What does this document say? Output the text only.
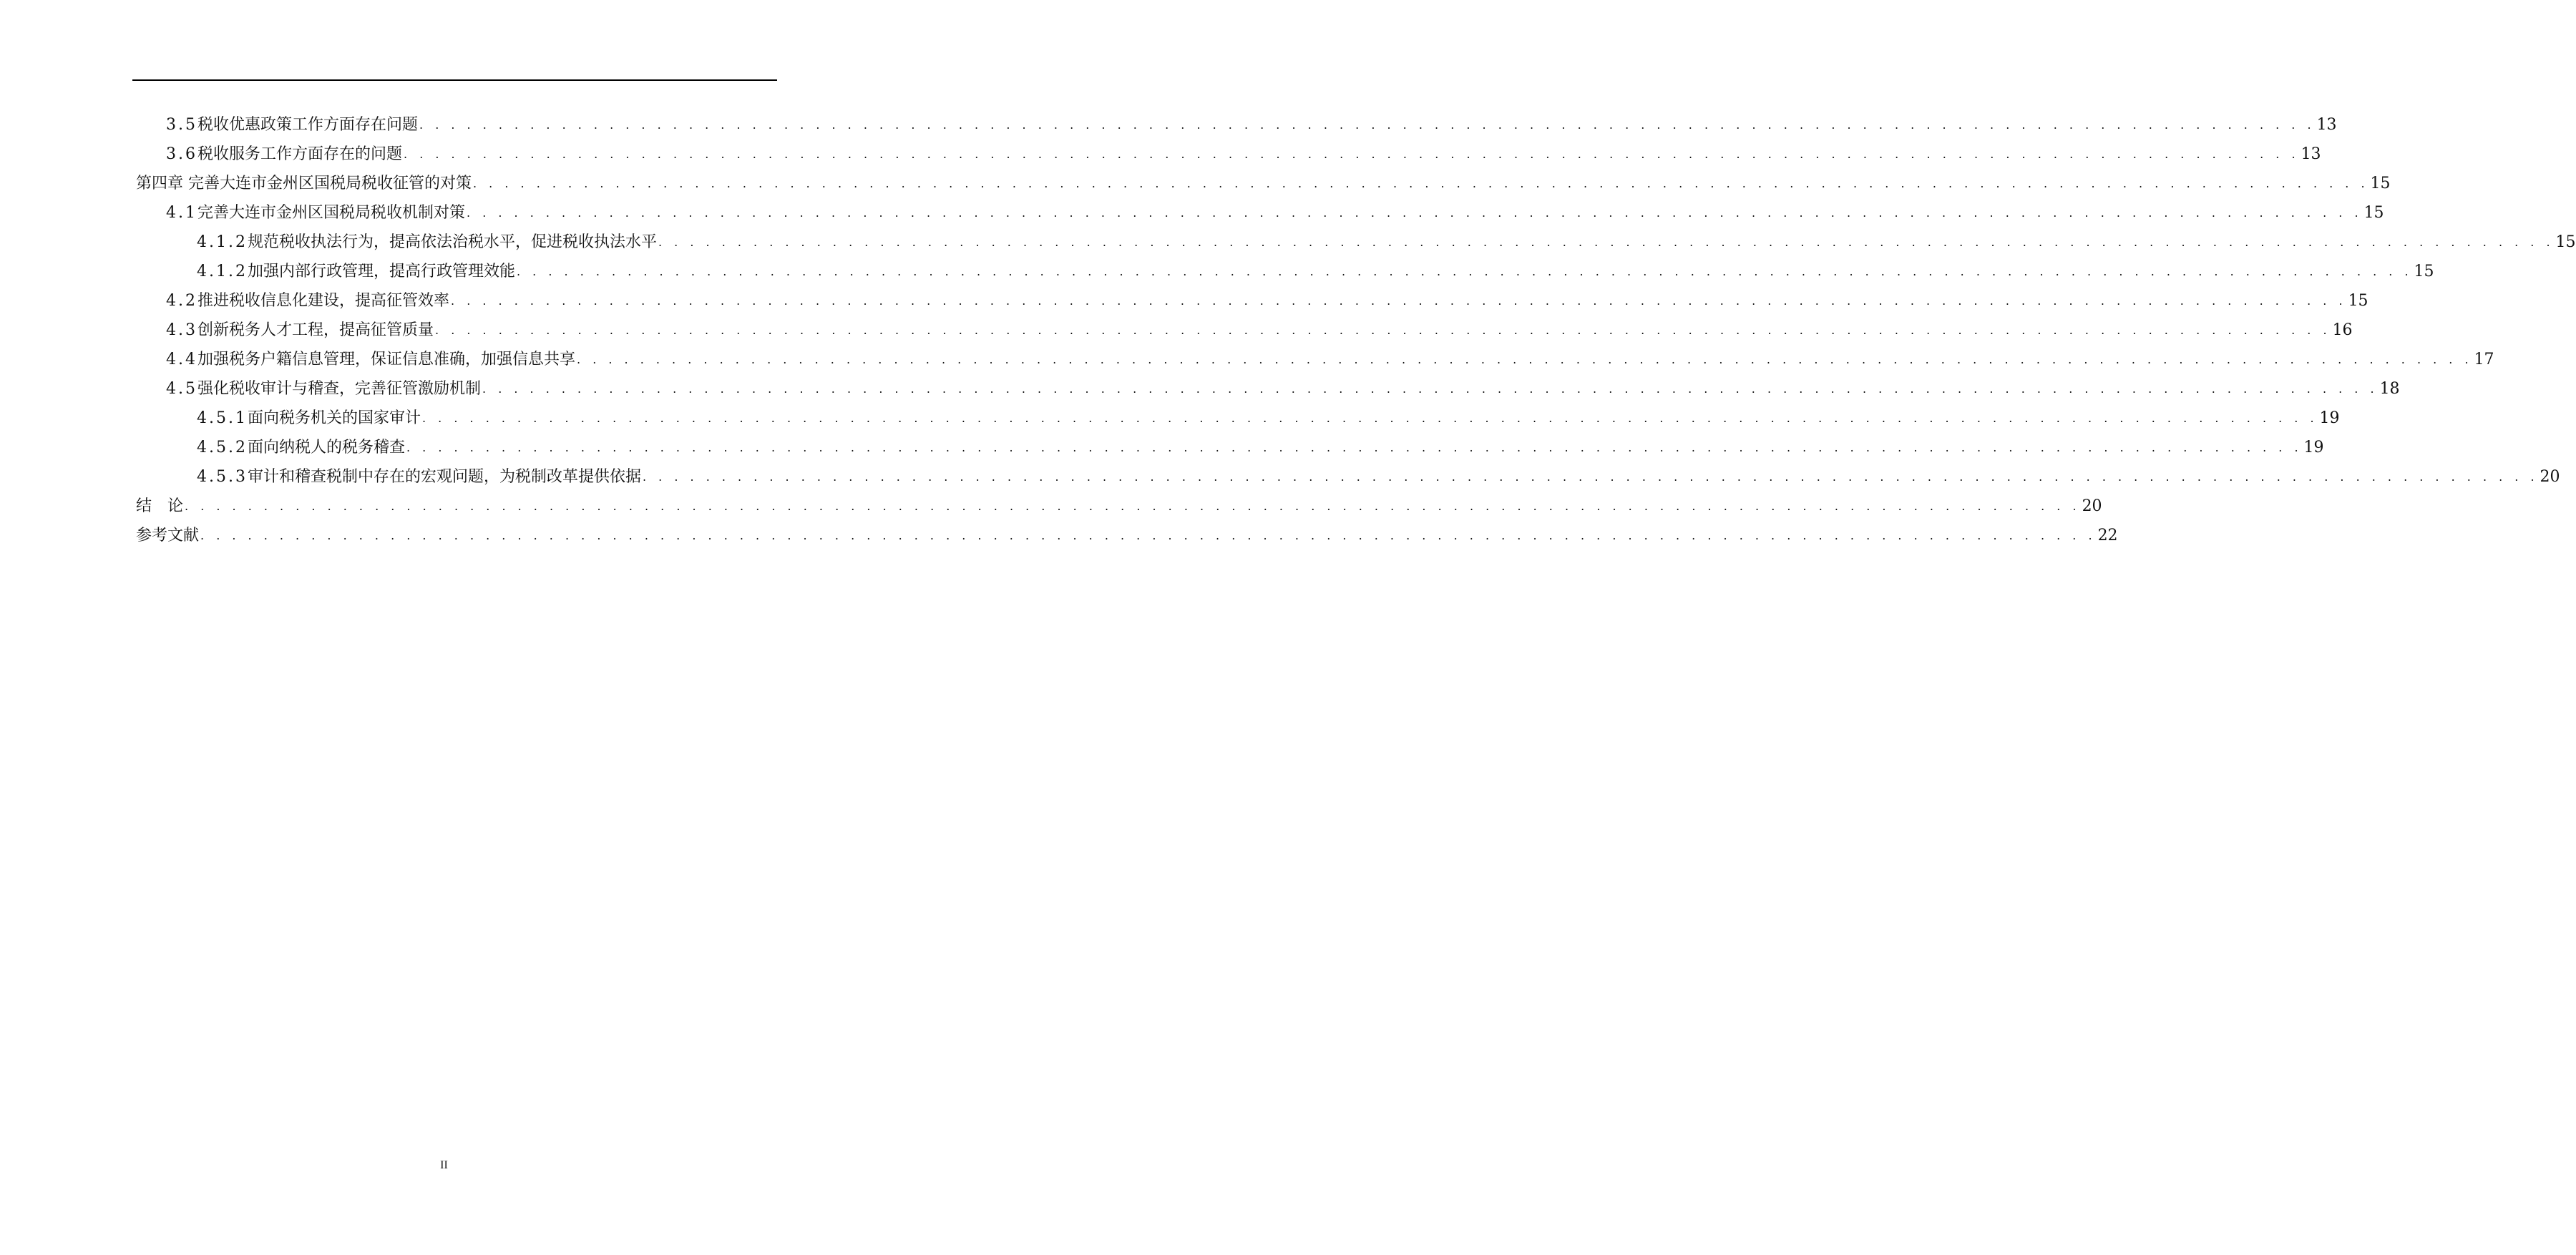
3.5 税收优惠政策工作方面存在问题 . . . . . . . . . . . . . . . . . . . . . . . . . . . . . . . . . . . . . . . . . . . . . . . . . . . . . . . . . . . . . . . . . . . . . . . . . . . . . . . . . . . . . . . . . . . . . . . . . . . . . . . . . . . . . . . . . . . . . . . . 13
3.6 税收服务工作方面存在的问题 . . . . . . . . . . . . . . . . . . . . . . . . . . . . . . . . . . . . . . . . . . . . . . . . . . . . . . . . . . . . . . . . . . . . . . . . . . . . . . . . . . . . . . . . . . . . . . . . . . . . . . . . . . . . . . . . . . . . . . . . 13
第四章 完善大连市金州区国税局税收征管的对策 . . . . . . . . . . . . . . . . . . . . . . . . . . . . . . . . . . . . . . . . . . . . . . . . . . . . . . . . . . . . . . . . . . . . . . . . . . . . . . . . . . . . . . . . . . . . . . . . . . . . . . . . . . . . . . . . . . . . . . . . 15
4.1 完善大连市金州区国税局税收机制对策 . . . . . . . . . . . . . . . . . . . . . . . . . . . . . . . . . . . . . . . . . . . . . . . . . . . . . . . . . . . . . . . . . . . . . . . . . . . . . . . . . . . . . . . . . . . . . . . . . . . . . . . . . . . . . . . . . . . . . . . . 15
4.1.2 规范税收执法行为，提高依法治税水平，促进税收执法水平 . . . . . . . . . . . . . . . . . . . . . . . . . . . . . . . . . . . . . . . . . . . . . . . . . . . . . . . . . . . . . . . . . . . . . . . . . . . . . . . . . . . . . . . . . . . . . . . . . . . . . . . . . . . . . . . . . . . . . . . . 15
4.1.2 加强内部行政管理，提高行政管理效能 . . . . . . . . . . . . . . . . . . . . . . . . . . . . . . . . . . . . . . . . . . . . . . . . . . . . . . . . . . . . . . . . . . . . . . . . . . . . . . . . . . . . . . . . . . . . . . . . . . . . . . . . . . . . . . . . . . . . . . . . 15
4.2 推进税收信息化建设，提高征管效率 . . . . . . . . . . . . . . . . . . . . . . . . . . . . . . . . . . . . . . . . . . . . . . . . . . . . . . . . . . . . . . . . . . . . . . . . . . . . . . . . . . . . . . . . . . . . . . . . . . . . . . . . . . . . . . . . . . . . . . . . 15
4.3 创新税务人才工程，提高征管质量 . . . . . . . . . . . . . . . . . . . . . . . . . . . . . . . . . . . . . . . . . . . . . . . . . . . . . . . . . . . . . . . . . . . . . . . . . . . . . . . . . . . . . . . . . . . . . . . . . . . . . . . . . . . . . . . . . . . . . . . . 16
4.4 加强税务户籍信息管理，保证信息准确，加强信息共享 . . . . . . . . . . . . . . . . . . . . . . . . . . . . . . . . . . . . . . . . . . . . . . . . . . . . . . . . . . . . . . . . . . . . . . . . . . . . . . . . . . . . . . . . . . . . . . . . . . . . . . . . . . . . . . . . . . . . . . . . 17
4.5 强化税收审计与稽查，完善征管激励机制 . . . . . . . . . . . . . . . . . . . . . . . . . . . . . . . . . . . . . . . . . . . . . . . . . . . . . . . . . . . . . . . . . . . . . . . . . . . . . . . . . . . . . . . . . . . . . . . . . . . . . . . . . . . . . . . . . . . . . . . . 18
4.5.1 面向税务机关的国家审计 . . . . . . . . . . . . . . . . . . . . . . . . . . . . . . . . . . . . . . . . . . . . . . . . . . . . . . . . . . . . . . . . . . . . . . . . . . . . . . . . . . . . . . . . . . . . . . . . . . . . . . . . . . . . . . . . . . . . . . . . 19
4.5.2 面向纳税人的税务稽查 . . . . . . . . . . . . . . . . . . . . . . . . . . . . . . . . . . . . . . . . . . . . . . . . . . . . . . . . . . . . . . . . . . . . . . . . . . . . . . . . . . . . . . . . . . . . . . . . . . . . . . . . . . . . . . . . . . . . . . . . 19
4.5.3 审计和稽查税制中存在的宏观问题，为税制改革提供依据 . . . . . . . . . . . . . . . . . . . . . . . . . . . . . . . . . . . . . . . . . . . . . . . . . . . . . . . . . . . . . . . . . . . . . . . . . . . . . . . . . . . . . . . . . . . . . . . . . . . . . . . . . . . . . . . . . . . . . . . . 20
结　论 . . . . . . . . . . . . . . . . . . . . . . . . . . . . . . . . . . . . . . . . . . . . . . . . . . . . . . . . . . . . . . . . . . . . . . . . . . . . . . . . . . . . . . . . . . . . . . . . . . . . . . . . . . . . . . . . . . . . . . . . 20
参考文献 . . . . . . . . . . . . . . . . . . . . . . . . . . . . . . . . . . . . . . . . . . . . . . . . . . . . . . . . . . . . . . . . . . . . . . . . . . . . . . . . . . . . . . . . . . . . . . . . . . . . . . . . . . . . . . . . . . . . . . . . 22
II
